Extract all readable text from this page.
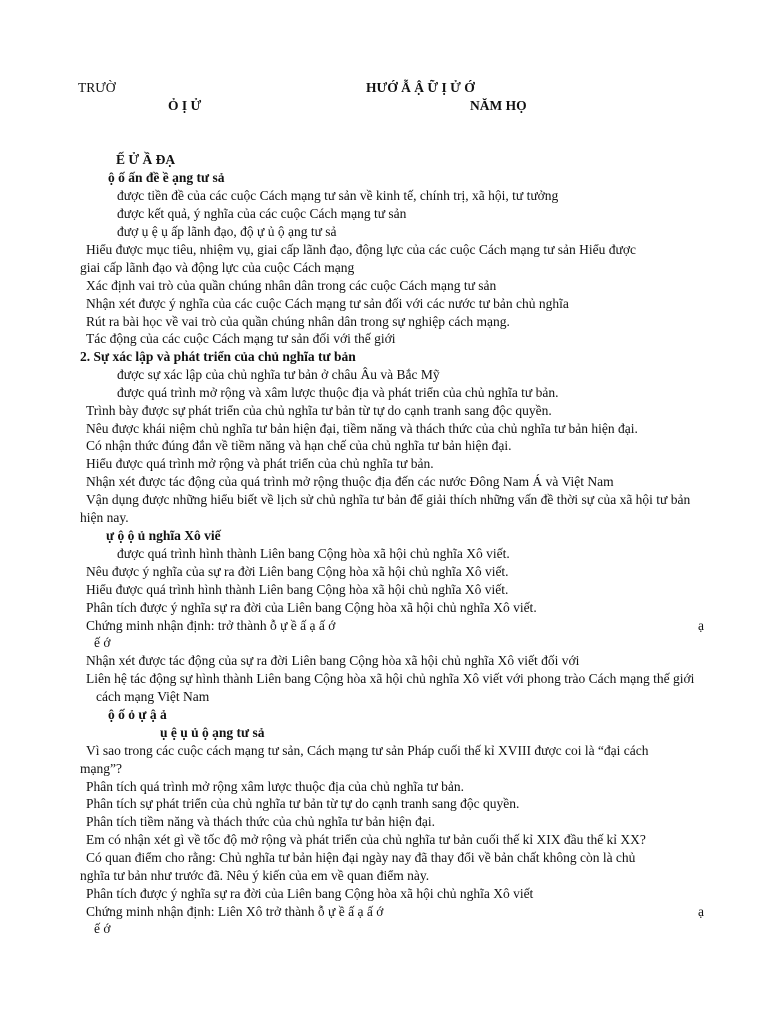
TRƯỜ	HƯỚ Ẫ Ậ Ữ Ị Ử Ớ
Ỏ Ị Ử	NĂM HỌ
Ế Ử Ầ ĐẠ
ộ ố ấn đề ề ạng tư sả
được tiền đề của các cuộc Cách mạng tư sản về kinh tế, chính trị, xã hội, tư tưởng
được kết quả, ý nghĩa của các cuộc Cách mạng tư sản
đượ ụ ệ ụ ấp lãnh đạo, độ ự ủ ộ ạng tư sả
Hiểu được mục tiêu, nhiệm vụ, giai cấp lãnh đạo, động lực của các cuộc Cách mạng tư sản Hiểu được
giai cấp lãnh đạo và động lực của cuộc Cách mạng
Xác định vai trò của quần chúng nhân dân trong các cuộc Cách mạng tư sản
Nhận xét được ý nghĩa của các cuộc Cách mạng tư sản đối với các nước tư bản chủ nghĩa
Rút ra bài học về vai trò của quần chúng nhân dân trong sự nghiệp cách mạng.
Tác động của các cuộc Cách mạng tư sản đối với thế giới
2. Sự xác lập và phát triển của chủ nghĩa tư bản
được sự xác lập của chủ nghĩa tư bản ở châu Âu và Bắc Mỹ
được quá trình mở rộng và xâm lược thuộc địa và phát triển của chủ nghĩa tư bản.
Trình bày được sự phát triển của chủ nghĩa tư bản từ tự do cạnh tranh sang độc quyền.
Nêu được khái niệm chủ nghĩa tư bản hiện đại, tiềm năng và thách thức của chủ nghĩa tư bản hiện đại.
Có nhận thức đúng đắn về tiềm năng và hạn chế của chủ nghĩa tư bản hiện đại.
Hiểu được quá trình mở rộng và phát triển của chủ nghĩa tư bản.
Nhận xét được tác động của quá trình mở rộng thuộc địa đến các nước Đông Nam Á và Việt Nam
Vận dụng được những hiểu biết về lịch sử chủ nghĩa tư bản để giải thích những vấn đề thời sự của xã hội tư bản
hiện nay.
ự ộ ộ ủ nghĩa Xô viế
được quá trình hình thành Liên bang Cộng hòa xã hội chủ nghĩa Xô viết.
Nêu được ý nghĩa của sự ra đời Liên bang Cộng hòa xã hội chủ nghĩa Xô viết.
Hiểu được quá trình hình thành Liên bang Cộng hòa xã hội chủ nghĩa Xô viết.
Phân tích được ý nghĩa sự ra đời của Liên bang Cộng hòa xã hội chủ nghĩa Xô viết.
Chứng minh nhận định: trở thành ỗ ự ề ấ ạ ấ ớ	ạ
ế ớ
Nhận xét được tác động của sự ra đời Liên bang Cộng hòa xã hội chủ nghĩa Xô viết đối với
Liên hệ tác động sự hình thành Liên bang Cộng hòa xã hội chủ nghĩa Xô viết với phong trào Cách mạng thế giới
cách mạng Việt Nam
ộ ố ỏ ự ậ ả
ụ ệ ụ ủ ộ ạng tư sả
Vì sao trong các cuộc cách mạng tư sản, Cách mạng tư sản Pháp cuối thế kỉ XVIII được coi là “đại cách
mạng”?
Phân tích quá trình mở rộng xâm lược thuộc địa của chủ nghĩa tư bản.
Phân tích sự phát triển của chủ nghĩa tư bản từ tự do cạnh tranh sang độc quyền.
Phân tích tiềm năng và thách thức của chủ nghĩa tư bản hiện đại.
Em có nhận xét gì về tốc độ mở rộng và phát triển của chủ nghĩa tư bản cuối thế kỉ XIX đầu thế kỉ XX?
Có quan điểm cho rằng: Chủ nghĩa tư bản hiện đại ngày nay đã thay đổi về bản chất không còn là chủ
nghĩa tư bản như trước đã. Nêu ý kiến của em về quan điểm này.
Phân tích được ý nghĩa sự ra đời của Liên bang Cộng hòa xã hội chủ nghĩa Xô viết
Chứng minh nhận định: Liên Xô trở thành ỗ ự ề ấ ạ ấ ớ	ạ
ế ớ
